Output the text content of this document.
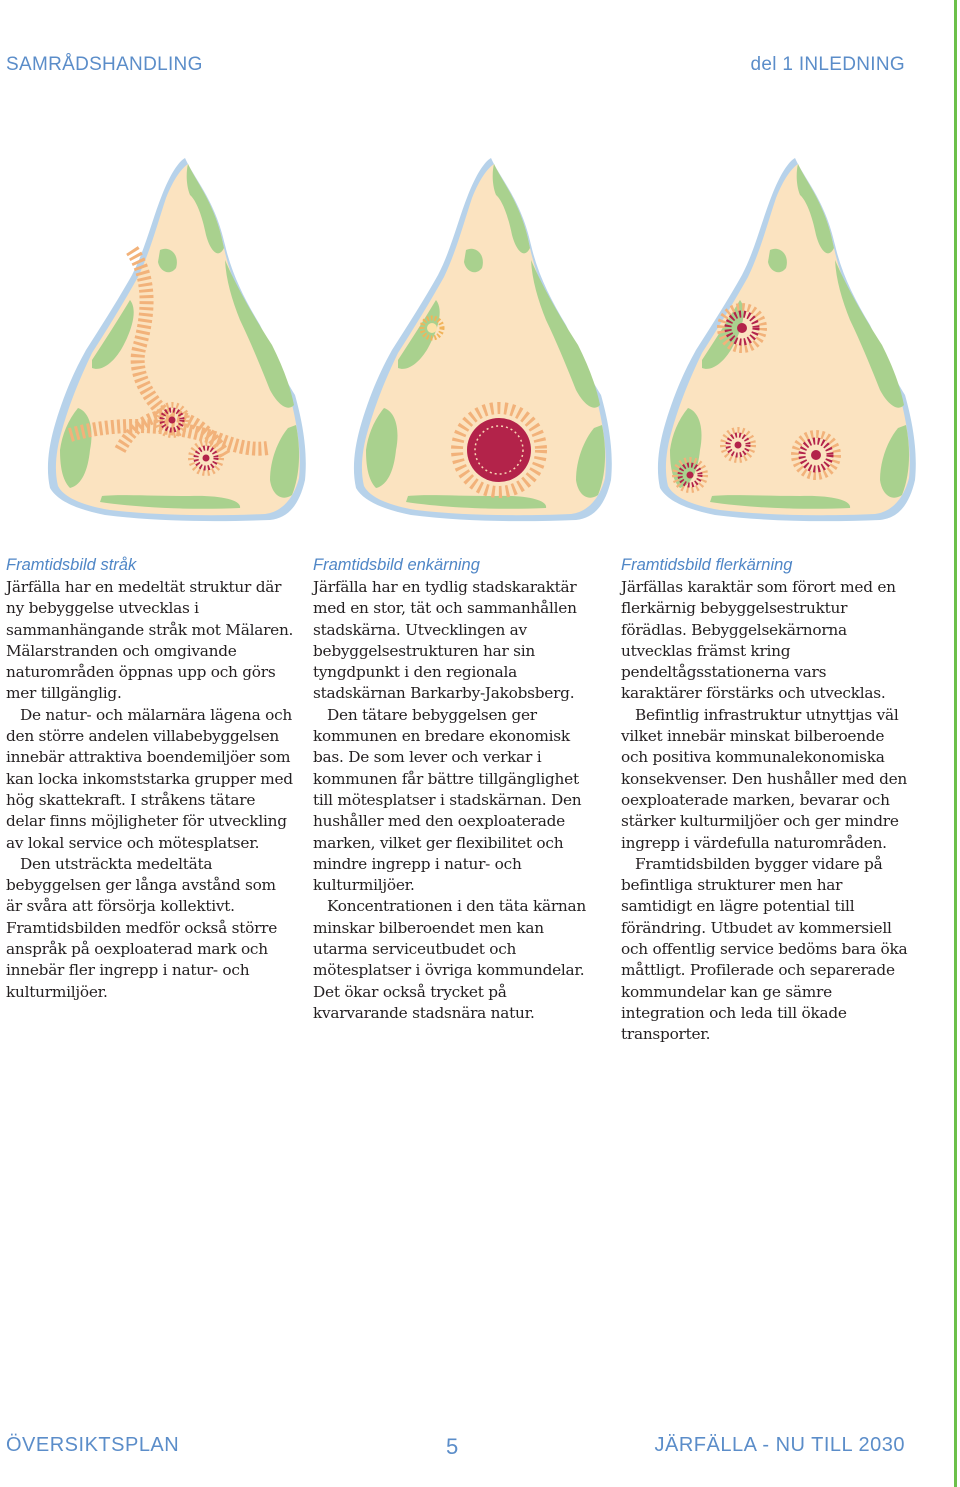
SAMRÅDSHANDLING	del 1 INLEDNING
Framtidsbild stråk

Järfälla har en medeltät struktur där ny bebyggelse utvecklas i sammanhängande stråk mot Mälaren. Mälarstranden och omgivande naturområden öppnas upp och görs mer tillgänglig.

De natur- och mälarnära lägena och den större andelen villabebyggelsen innebär attraktiva boendemiljöer som kan locka inkomststarka grupper med hög skattekraft. I stråkens tätare delar finns möjligheter för utveckling av lokal service och mötesplatser.

Den utsträckta medeltäta bebyggelsen ger långa avstånd som är svåra att försörja kollektivt. Framtidsbilden medför också större anspråk på oexploaterad mark och innebär fler ingrepp i natur- och kulturmiljöer.

Framtidsbild enkärning

Järfälla har en tydlig stadskaraktär med en stor, tät och sammanhållen stadskärna. Utvecklingen av bebyggelsestrukturen har sin tyngdpunkt i den regionala stadskärnan Barkarby-Jakobsberg.

Den tätare bebyggelsen ger kommunen en bredare ekonomisk bas. De som lever och verkar i kommunen får bättre tillgänglighet till mötesplatser i stadskärnan. Den hushåller med den oexploaterade marken, vilket ger flexibilitet och mindre ingrepp i natur- och kulturmiljöer.

Koncentrationen i den täta kärnan minskar bilberoendet men kan utarma serviceutbudet och mötesplatser i övriga kommundelar. Det ökar också trycket på kvarvarande stadsnära natur.

Framtidsbild flerkärning

Järfällas karaktär som förort med en flerkärnig bebyggelsestruktur förädlas. Bebyggelsekärnorna utvecklas främst kring pendeltågsstationerna vars karaktärer förstärks och utvecklas.

Befintlig infrastruktur utnyttjas väl vilket innebär minskat bilberoende och positiva kommunalekonomiska konsekvenser. Den hushåller med den oexploaterade marken, bevarar och stärker kulturmiljöer och ger mindre ingrepp i värdefulla naturområden.

Framtidsbilden bygger vidare på befintliga strukturer men har samtidigt en lägre potential till förändring. Utbudet av kommersiell och offentlig service bedöms bara öka måttligt. Profilerade och separerade kommundelar kan ge sämre integration och leda till ökade transporter.

ÖVERSIKTSPLAN	5	JÄRFÄLLA - NU TILL 2030
